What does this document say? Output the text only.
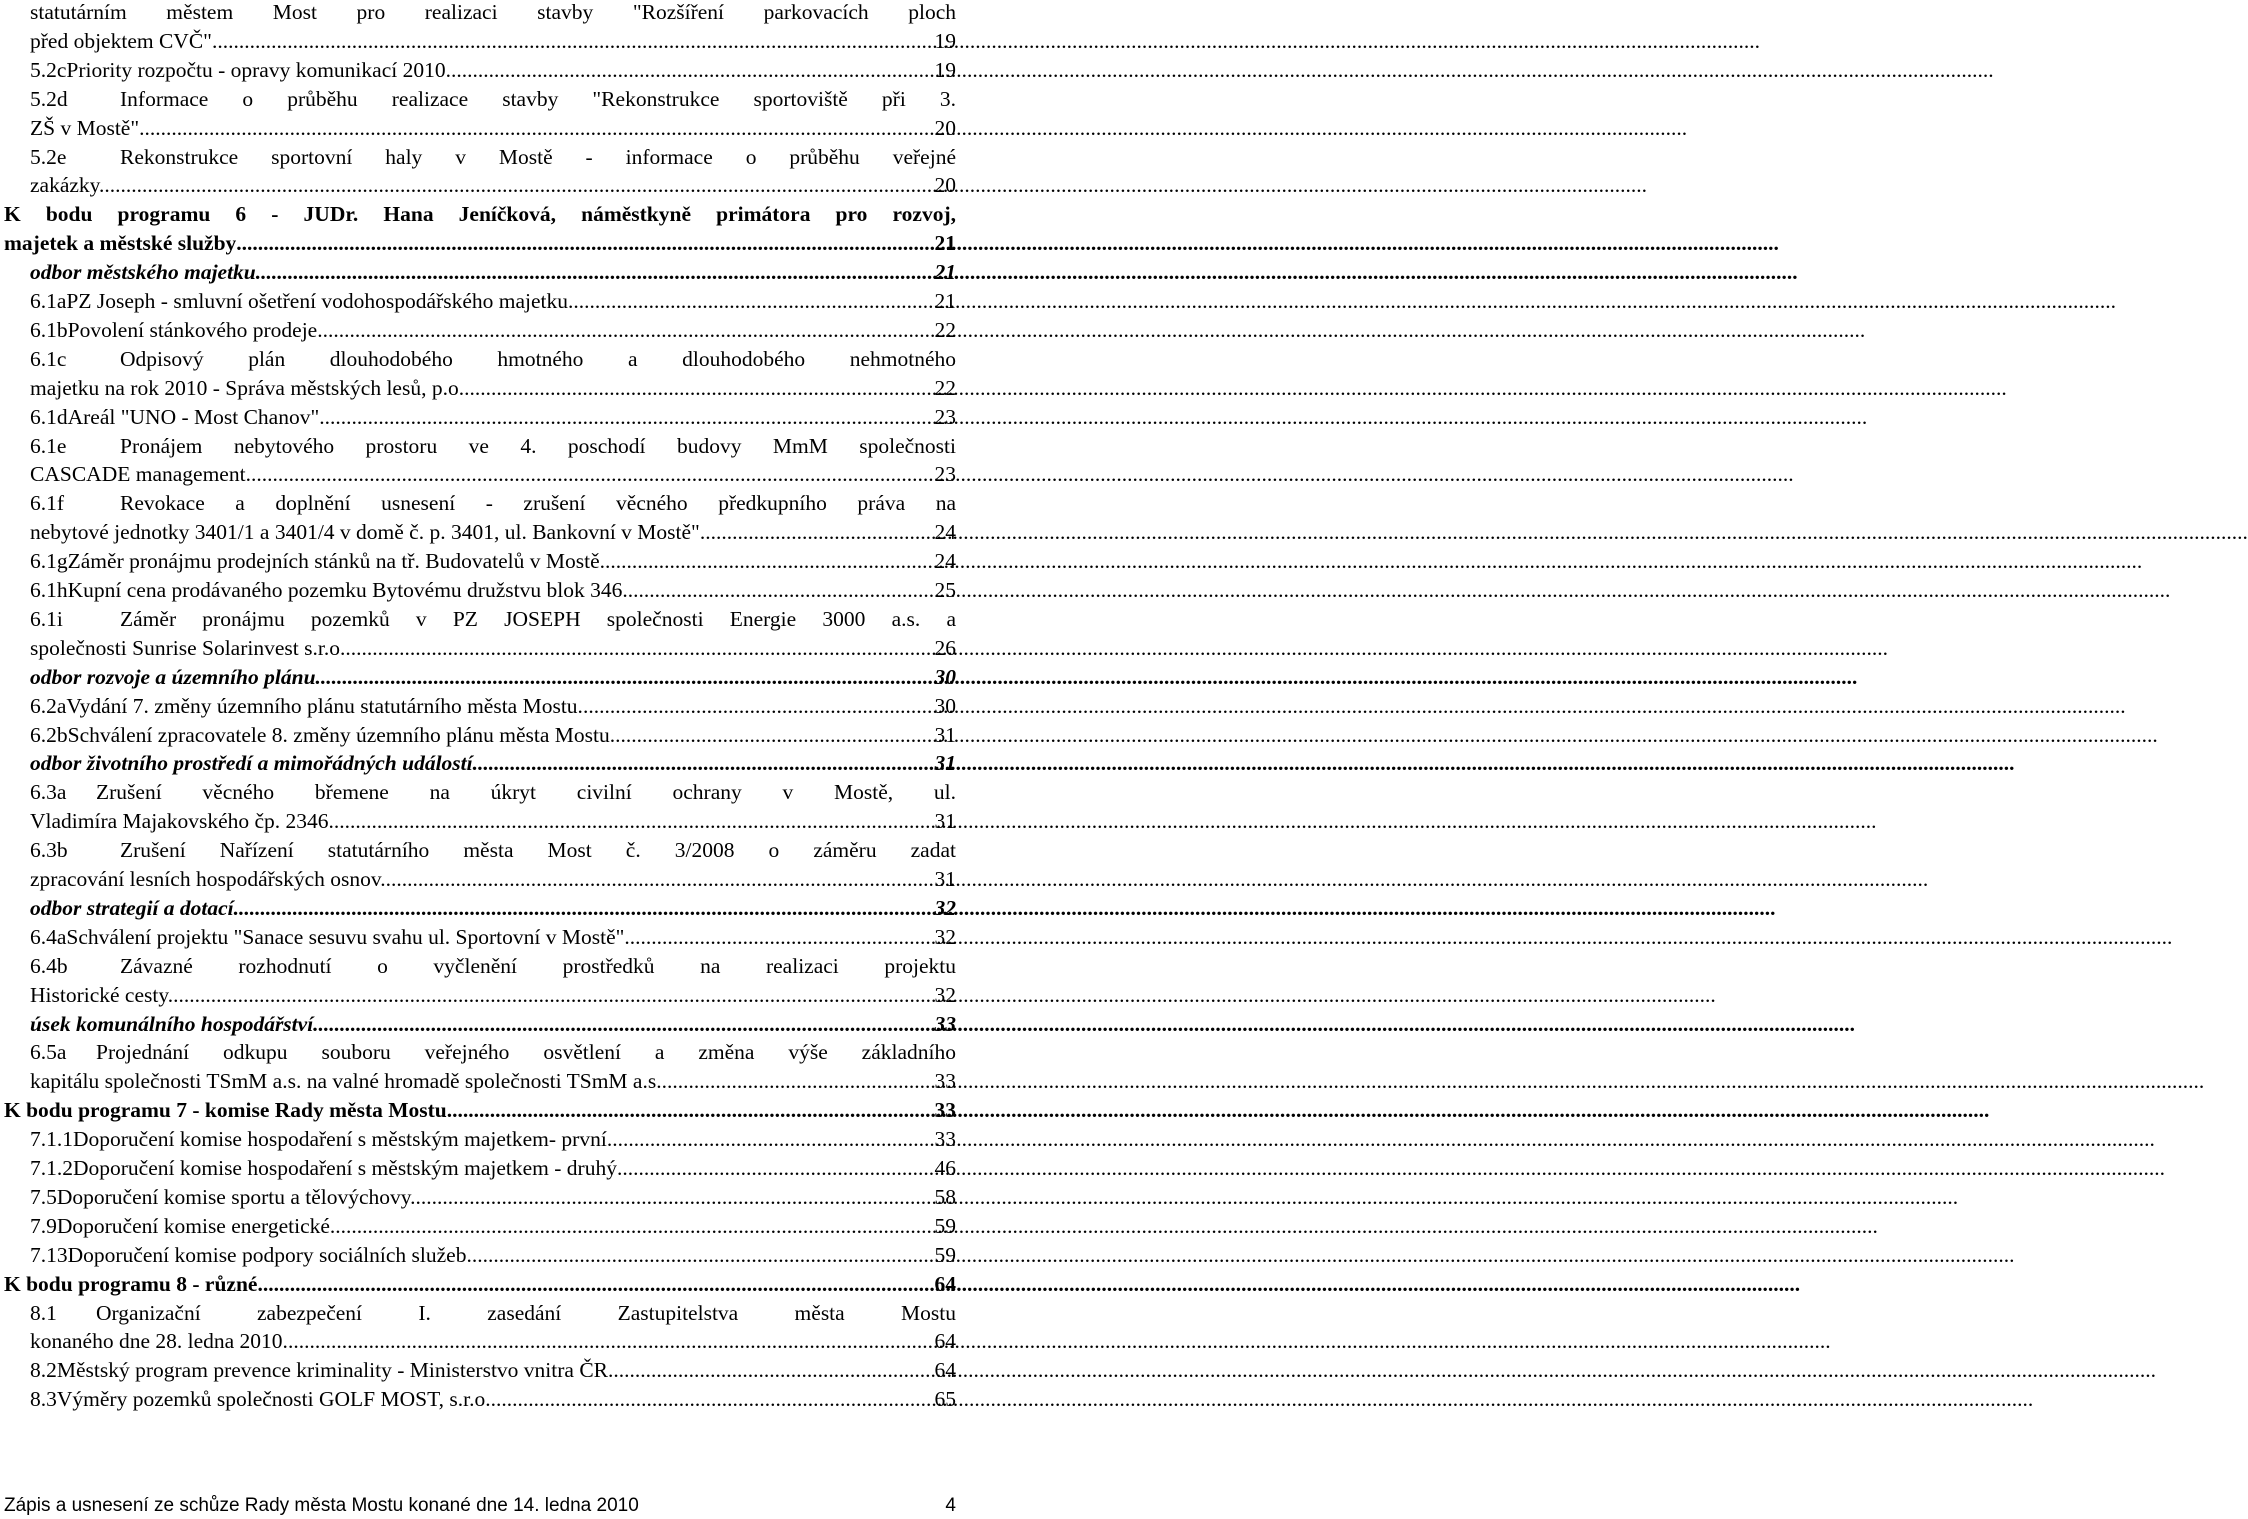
statutárním městem Most pro realizaci stavby "Rozšíření parkovacích ploch
před objektem CVČ". .....	19
5.2c Priority rozpočtu - opravy komunikací 2010. .....	19
5.2d	Informace o průběhu realizace stavby "Rekonstrukce sportoviště při 3.
ZŠ v Mostě". .....	20
5.2e	Rekonstrukce sportovní haly v Mostě - informace o průběhu veřejné
zakázky. .....	20
K bodu programu 6 - JUDr. Hana Jeníčková, náměstkyně primátora pro rozvoj,
majetek a městské služby .....	21
odbor městského majetku .....	21
6.1a PZ Joseph - smluvní ošetření vodohospodářského majetku. .....	21
6.1b Povolení stánkového prodeje. .....	22
6.1c	Odpisový plán dlouhodobého hmotného a dlouhodobého nehmotného
majetku na rok 2010 - Správa městských lesů, p.o. .....	22
6.1d Areál "UNO - Most Chanov". .....	23
6.1e	Pronájem nebytového prostoru ve 4. poschodí budovy MmM společnosti
CASCADE management. .....	23
6.1f	Revokace a doplnění usnesení - zrušení věcného předkupního práva na
nebytové jednotky 3401/1 a 3401/4 v domě č. p. 3401, ul. Bankovní v Mostě". .....	24
6.1g Záměr pronájmu prodejních stánků na tř. Budovatelů v Mostě .....	24
6.1h Kupní cena prodávaného pozemku Bytovému družstvu blok 346. .....	25
6.1i	Záměr pronájmu pozemků v PZ JOSEPH společnosti Energie 3000 a.s. a
společnosti Sunrise Solarinvest s.r.o. .....	26
odbor rozvoje a územního plánu .....	30
6.2a Vydání 7. změny územního plánu statutárního města Mostu. .....	30
6.2b Schválení zpracovatele 8. změny územního plánu města Mostu. .....	31
odbor životního prostředí a mimořádných událostí .....	31
6.3a	Zrušení věcného břemene na úkryt civilní ochrany v Mostě, ul.
Vladimíra Majakovského čp. 2346. .....	31
6.3b	Zrušení Nařízení statutárního města Most č. 3/2008 o záměru zadat
zpracování lesních hospodářských osnov. .....	31
odbor strategií a dotací .....	32
6.4a Schválení projektu "Sanace sesuvu svahu ul. Sportovní v Mostě". .....	32
6.4b	Závazné rozhodnutí o vyčlenění prostředků na realizaci projektu
Historické cesty. .....	32
úsek komunálního hospodářství .....	33
6.5a	Projednání odkupu souboru veřejného osvětlení a změna výše základního
kapitálu společnosti TSmM a.s. na valné hromadě společnosti TSmM a.s. .....	33
K bodu programu 7 - komise Rady města Mostu .....	33
7.1.1 Doporučení komise hospodaření s městským majetkem- první. .....	33
7.1.2 Doporučení komise hospodaření s městským majetkem - druhý. .....	46
7.5 Doporučení komise sportu a tělovýchovy. .....	58
7.9 Doporučení komise energetické. .....	59
7.13 Doporučení komise podpory sociálních služeb. .....	59
K bodu programu 8 - různé .....	64
8.1	Organizační zabezpečení I. zasedání Zastupitelstva města Mostu
konaného dne 28. ledna 2010. .....	64
8.2 Městský program prevence kriminality - Ministerstvo vnitra ČR. .....	64
8.3 Výměry pozemků společnosti GOLF MOST, s.r.o. .....	65
Zápis a usnesení ze schůze Rady města Mostu konané dne 14. ledna 2010	4
